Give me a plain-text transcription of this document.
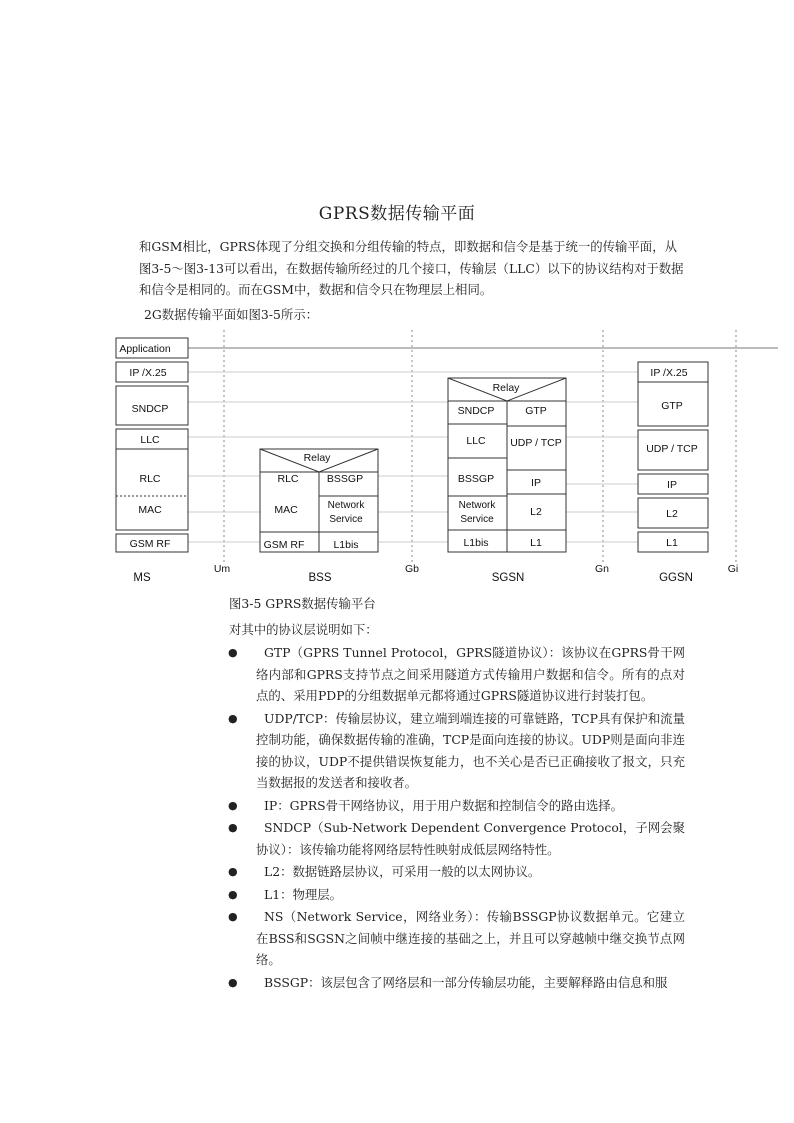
GPRS数据传输平面
和GSM相比，GPRS体现了分组交换和分组传输的特点，即数据和信令是基于统一的传输平面，从图3-5～图3-13可以看出，在数据传输所经过的几个接口，传输层（LLC）以下的协议结构对于数据和信令是相同的。而在GSM中，数据和信令只在物理层上相同。
2G数据传输平面如图3-5所示：
Application
IP /X.25
SNDCP
LLC
RLC
MAC
GSM RF
Relay
RLC
MAC
GSM RF
BSSGP
Network Service
L1bis
Relay
SNDCP
LLC
BSSGP
Network Service
L1bis
GTP
UDP / TCP
IP
L2
L1
IP /X.25
GTP
UDP / TCP
IP
L2
L1
MS	BSS	SGSN	GGSN
Um	Gb	Gn	Gi
图3-5 GPRS数据传输平台
对其中的协议层说明如下：
●	GTP（GPRS Tunnel Protocol，GPRS隧道协议）：该协议在GPRS骨干网络内部和GPRS支持节点之间采用隧道方式传输用户数据和信令。所有的点对点的、采用PDP的分组数据单元都将通过GPRS隧道协议进行封装打包。
●	UDP/TCP：传输层协议，建立端到端连接的可靠链路，TCP具有保护和流量控制功能，确保数据传输的准确，TCP是面向连接的协议。UDP则是面向非连接的协议，UDP不提供错误恢复能力，也不关心是否已正确接收了报文，只充当数据报的发送者和接收者。
●	IP：GPRS骨干网络协议，用于用户数据和控制信令的路由选择。
●	SNDCP（Sub-Network Dependent Convergence Protocol，子网会聚协议）：该传输功能将网络层特性映射成低层网络特性。
●	L2：数据链路层协议，可采用一般的以太网协议。
●	L1：物理层。
●	NS（Network Service，网络业务）：传输BSSGP协议数据单元。它建立在BSS和SGSN之间帧中继连接的基础之上，并且可以穿越帧中继交换节点网络。
●	BSSGP：该层包含了网络层和一部分传输层功能，主要解释路由信息和服
